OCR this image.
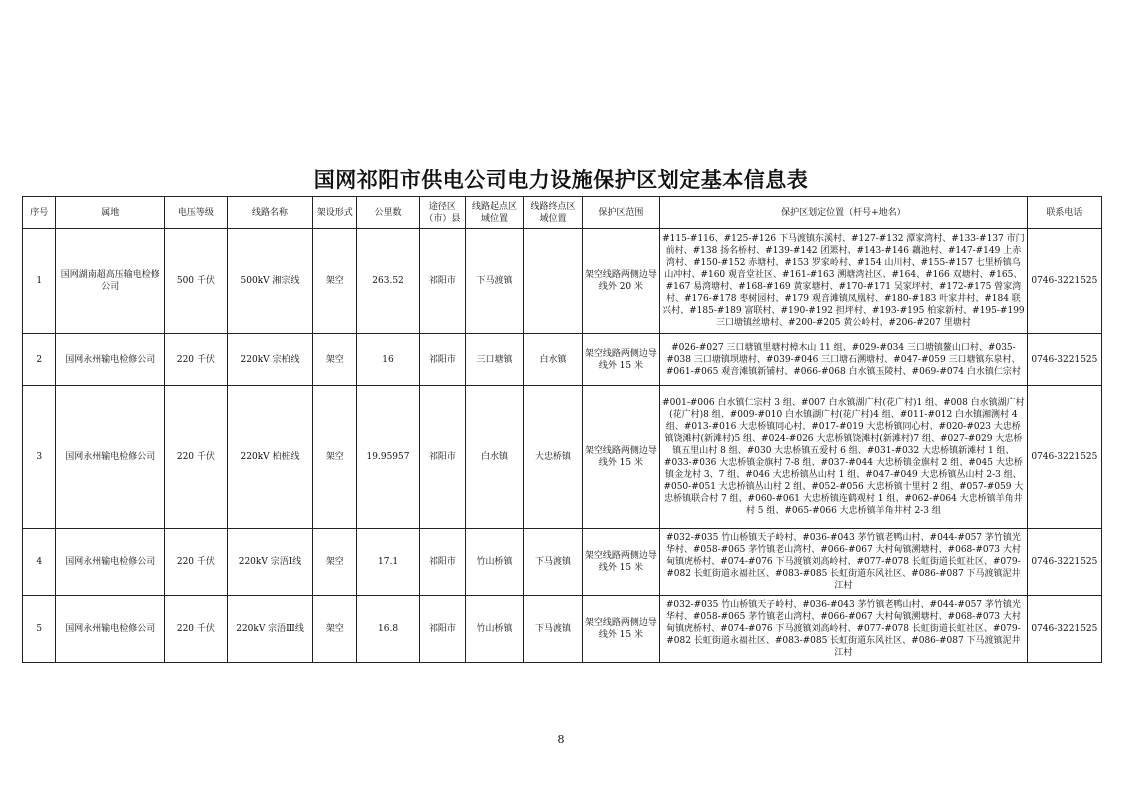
国网祁阳市供电公司电力设施保护区划定基本信息表
序号	属地	电压等级	线路名称	架设形式	公里数	途径区（市）县	线路起点区域位置	线路终点区域位置	保护区范围	保护区划定位置（杆号+地名）	联系电话
1	国网湖南超高压输电检修公司	500 千伏	500kV 湘宗线	架空	263.52	祁阳市	下马渡镇		架空线路两侧边导线外 20 米	#115-#116、#125-#126 下马渡镇东溪村、#127-#132 潭家湾村、#133-#137 市门前村、#138 扬名桥村、#139-#142 团罴村、#143-#146 藕池村、#147-#149 上赤湾村、#150-#152 赤塘村、#153 罗家岭村、#154 山川村、#155-#157 七里桥镇乌山冲村、#160 观音堂社区、#161-#163 溯塘湾社区、#164、#166 双塘村、#165、#167 易湾塘村、#168-#169 黄家塘村、#170-#171 吴家坪村、#172-#175 曾家湾村、#176-#178 枣树园村、#179 观音滩镇凤凰村、#180-#183 叶家井村、#184 联兴村、#185-#189 富联村、#190-#192 担坪村、#193-#195 柏家新村、#195-#199 三口塘镇丝塘村、#200-#205 黄公岭村、#206-#207 里塘村	0746-3221525
2	国网永州输电检修公司	220 千伏	220kV 宗柏线	架空	16	祁阳市	三口塘镇	白水镇	架空线路两侧边导线外 15 米	#026-#027 三口塘镇里塘村樟木山 11 组、#029-#034 三口塘镇鳌山口村、#035-#038 三口塘镇坝塘村、#039-#046 三口塘石溯塘村、#047-#059 三口塘镇东泉村、#061-#065 观音滩镇新铺村、#066-#068 白水镇玉陵村、#069-#074 白水镇仁宗村	0746-3221525
3	国网永州输电检修公司	220 千伏	220kV 柏桩线	架空	19.95957	祁阳市	白水镇	大忠桥镇	架空线路两侧边导线外 15 米	#001-#006 白水镇仁宗村 3 组、#007 白水镇湖广村(花广村)1 组、#008 白水镇湖广村(花广村)8 组、#009-#010 白水镇湖广村(花广村)4 组、#011-#012 白水镇湘测村 4 组、#013-#016 大忠桥镇同心村、#017-#019 大忠桥镇同心村、#020-#023 大忠桥镇饶滩村(新滩村)5 组、#024-#026 大忠桥镇饶滩村(新滩村)7 组、#027-#029 大忠桥镇五里山村 8 组、#030 大忠桥镇五爱村 6 组、#031-#032 大忠桥镇新滩村 1 组、#033-#036 大忠桥镇金旗村 7-8 组、#037-#044 大忠桥镇金旗村 2 组、#045 大忠桥镇金龙村 3、7 组、#046 大忠桥镇丛山村 1 组、#047-#049 大忠桥镇丛山村 2-3 组、#050-#051 大忠桥镇丛山村 2 组、#052-#056 大忠桥镇十里村 2 组、#057-#059 大忠桥镇联合村 7 组、#060-#061 大忠桥镇连鹤观村 1 组、#062-#064 大忠桥镇羊角井村 5 组、#065-#066 大忠桥镇羊角井村 2-3 组	0746-3221525
4	国网永州输电检修公司	220 千伏	220kV 宗浯Ⅰ线	架空	17.1	祁阳市	竹山桥镇	下马渡镇	架空线路两侧边导线外 15 米	#032-#035 竹山桥镇天子岭村、#036-#043 茅竹镇老鸭山村、#044-#057 茅竹镇光华村、#058-#065 茅竹镇老山湾村、#066-#067 大村甸镇溯塘村、#068-#073 大村甸镇虎桥村、#074-#076 下马渡镇刘高岭村、#077-#078 长虹街道长虹社区、#079-#082 长虹街道永福社区、#083-#085 长虹街道东风社区、#086-#087 下马渡镇泥井江村	0746-3221525
5	国网永州输电检修公司	220 千伏	220kV 宗浯Ⅲ线	架空	16.8	祁阳市	竹山桥镇	下马渡镇	架空线路两侧边导线外 15 米	#032-#035 竹山桥镇天子岭村、#036-#043 茅竹镇老鸭山村、#044-#057 茅竹镇光华村、#058-#065 茅竹镇老山湾村、#066-#067 大村甸镇溯塘村、#068-#073 大村甸镇虎桥村、#074-#076 下马渡镇刘高岭村、#077-#078 长虹街道长虹社区、#079-#082 长虹街道永福社区、#083-#085 长虹街道东风社区、#086-#087 下马渡镇泥井江村	0746-3221525
8
